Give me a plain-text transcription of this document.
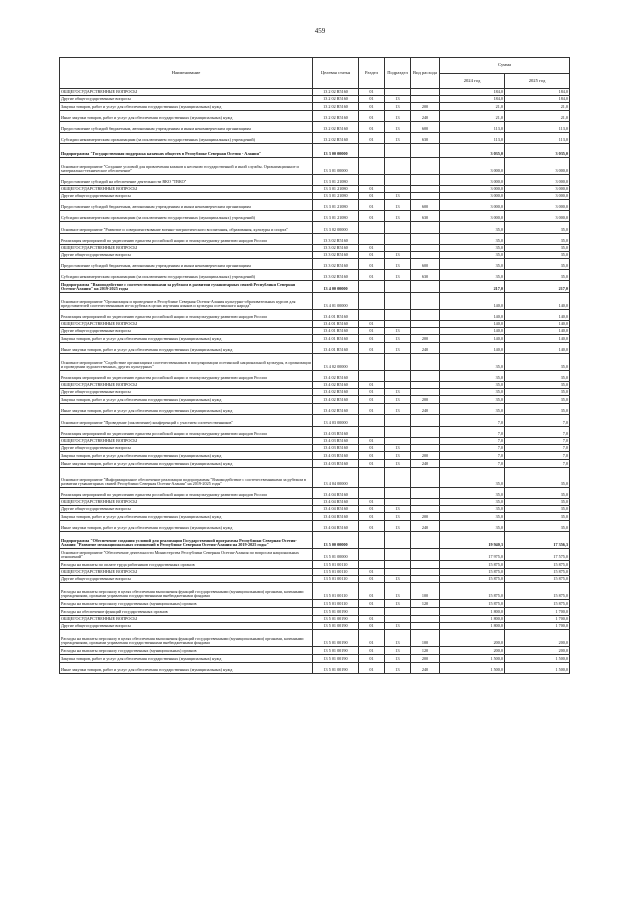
459
Наименование	Целевая статья	Раздел	Подраздел	Вид расхода	Сумма	
					2024 год	2025 год
ОБЩЕГОСУДАРСТВЕННЫЕ ВОПРОСЫ	13 2 02 R5160	01			184,0	184,0
Другие общегосударственные вопросы	13 2 02 R5160	01	13		184,0	184,0
Закупка товаров, работ и услуг для обеспечения государственных (муниципальных) нужд	13 2 02 R5160	01	13	200	21,0	21,0
Иные закупки товаров, работ и услуг для обеспечения государственных (муниципальных) нужд	13 2 02 R5160	01	13	240	21,0	21,0
Предоставление субсидий бюджетным, автономным учреждениям и иным некоммерческим организациям	13 2 02 R5160	01	13	600	113,0	113,0
Субсидии некоммерческим организациям (за исключением государственных (муниципальных) учреждений)	13 2 02 R5160	01	13	630	113,0	113,0
Подпрограмма "Государственная поддержка казачьих обществ в Республике Северная Осетия - Алания"	13 3 00 00000				3 035,0	3 035,0
Основное мероприятие "Создание условий для привлечения казаков к несению государственной и иной службы. Организационное и материально-техническое обеспечение"	13 3 01 00000				3 000,0	3 000,0
Предоставление субсидий на обеспечение деятельности ВКО "ТВКО"	13 3 01 21080				3 000,0	3 000,0
ОБЩЕГОСУДАРСТВЕННЫЕ ВОПРОСЫ	13 3 01 21080	01			3 000,0	3 000,0
Другие общегосударственные вопросы	13 3 01 21080	01	13		3 000,0	3 000,0
Предоставление субсидий бюджетным, автономным учреждениям и иным некоммерческим организациям	13 3 01 21080	01	13	600	3 000,0	3 000,0
Субсидии некоммерческим организациям (за исключением государственных (муниципальных) учреждений)	13 3 01 21080	01	13	630	3 000,0	3 000,0
Основное мероприятие "Развитие и совершенствование военно-патриотического воспитания, образования, культуры и спорта"	13 3 02 00000				35,0	35,0
Реализация мероприятий по укреплению единства российской нации и этнокультурному развитию народов России	13 3 02 R5160				35,0	35,0
ОБЩЕГОСУДАРСТВЕННЫЕ ВОПРОСЫ	13 3 02 R5160	01			35,0	35,0
Другие общегосударственные вопросы	13 3 02 R5160	01	13		35,0	35,0
Предоставление субсидий бюджетным, автономным учреждениям и иным некоммерческим организациям	13 3 02 R5160	01	13	600	35,0	35,0
Субсидии некоммерческим организациям (за исключением государственных (муниципальных) учреждений)	13 3 02 R5160	01	13	630	35,0	35,0
Подпрограмма "Взаимодействие с соотечественниками за рубежом в развитии гуманитарных связей Республики Северная Осетия-Алания" на 2019-2025 годы	13 4 00 00000				217,0	217,0
Основное мероприятие "Организация и проведение в Республике Северная Осетия-Алания культурно-образовательных курсов для представителей соотечественников из-за рубежа в целях изучения языков и культуры осетинского народа"	13 4 01 00000				140,0	140,0
Реализация мероприятий по укреплению единства российской нации и этнокультурному развитию народов России	13 4 01 R5160				140,0	140,0
ОБЩЕГОСУДАРСТВЕННЫЕ ВОПРОСЫ	13 4 01 R5160	01			140,0	140,0
Другие общегосударственные вопросы	13 4 01 R5160	01	13		140,0	140,0
Закупка товаров, работ и услуг для обеспечения государственных (муниципальных) нужд	13 4 01 R5160	01	13	200	140,0	140,0
Иные закупки товаров, работ и услуг для обеспечения государственных (муниципальных) нужд	13 4 01 R5160	01	13	240	140,0	140,0
Основное мероприятие "Содействие организациям соотечественников в популяризации осетинской национальной культуры, в организации и проведении художественных, других культурных"	13 4 02 00000				35,0	35,0
Реализация мероприятий по укреплению единства российской нации и этнокультурному развитию народов России	13 4 02 R5160				35,0	35,0
ОБЩЕГОСУДАРСТВЕННЫЕ ВОПРОСЫ	13 4 02 R5160	01			35,0	35,0
Другие общегосударственные вопросы	13 4 02 R5160	01	13		35,0	35,0
Закупка товаров, работ и услуг для обеспечения государственных (муниципальных) нужд	13 4 02 R5160	01	13	200	35,0	35,0
Иные закупки товаров, работ и услуг для обеспечения государственных (муниципальных) нужд	13 4 02 R5160	01	13	240	35,0	35,0
Основное мероприятие "Проведение (заключение) конференций с участием соотечественников"	13 4 03 00000				7,0	7,0
Реализация мероприятий по укреплению единства российской нации и этнокультурному развитию народов России	13 4 03 R5160				7,0	7,0
ОБЩЕГОСУДАРСТВЕННЫЕ ВОПРОСЫ	13 4 03 R5160	01			7,0	7,0
Другие общегосударственные вопросы	13 4 03 R5160	01	13		7,0	7,0
Закупка товаров, работ и услуг для обеспечения государственных (муниципальных) нужд	13 4 03 R5160	01	13	200	7,0	7,0
Иные закупки товаров, работ и услуг для обеспечения государственных (муниципальных) нужд	13 4 03 R5160	01	13	240	7,0	7,0
Основное мероприятие "Информационное обеспечение реализации подпрограммы "Взаимодействие с соотечественниками за рубежом в развитии гуманитарных связей Республики Северная Осетия-Алания" на 2019-2025 годы"	13 4 04 00000				35,0	35,0
Реализация мероприятий по укреплению единства российской нации и этнокультурному развитию народов России	13 4 04 R5160				35,0	35,0
ОБЩЕГОСУДАРСТВЕННЫЕ ВОПРОСЫ	13 4 04 R5160	01			35,0	35,0
Другие общегосударственные вопросы	13 4 04 R5160	01	13		35,0	35,0
Закупка товаров, работ и услуг для обеспечения государственных (муниципальных) нужд	13 4 04 R5160	01	13	200	35,0	35,0
Иные закупки товаров, работ и услуг для обеспечения государственных (муниципальных) нужд	13 4 04 R5160	01	13	240	35,0	35,0
Подпрограмма "Обеспечение создания условий для реализации Государственной программы Республики Северная Осетия-Алания "Развитие межнациональных отношений в Республике Северная Осетия-Алания на 2019-2025 годы"	13 5 00 00000				19 940,3	17 356,3
Основное мероприятие "Обеспечение деятельности Министерства Республики Северная Осетия-Алания по вопросам национальных отношений"	13 5 01 00000				17 975,0	17 575,0
Расходы на выплаты по оплате труда работников государственных органов	13 5 01 00110				15 875,0	15 875,0
ОБЩЕГОСУДАРСТВЕННЫЕ ВОПРОСЫ	13 5 01 00110	01			15 875,0	15 875,0
Другие общегосударственные вопросы	13 5 01 00110	01	13		15 875,0	15 875,0
Расходы на выплаты персоналу в целях обеспечения выполнения функций государственными (муниципальными) органами, казенными учреждениями, органами управления государственными внебюджетными фондами	13 5 01 00110	01	13	100	15 875,0	15 875,0
Расходы на выплаты персоналу государственных (муниципальных) органов	13 5 01 00110	01	13	120	15 875,0	15 875,0
Расходы на обеспечение функций государственных органов	13 5 01 00190				1 800,0	1 700,0
ОБЩЕГОСУДАРСТВЕННЫЕ ВОПРОСЫ	13 5 01 00190	01			1 800,0	1 700,0
Другие общегосударственные вопросы	13 5 01 00190	01	13		1 800,0	1 700,0
Расходы на выплаты персоналу в целях обеспечения выполнения функций государственными (муниципальными) органами, казенными учреждениями, органами управления государственными внебюджетными фондами	13 5 01 00190	01	13	100	200,0	200,0
Расходы на выплаты персоналу государственных (муниципальных) органов	13 5 01 00190	01	13	120	200,0	200,0
Закупка товаров, работ и услуг для обеспечения государственных (муниципальных) нужд	13 5 01 00190	01	13	200	1 500,0	1 500,0
Иные закупки товаров, работ и услуг для обеспечения государственных (муниципальных) нужд	13 5 01 00190	01	13	240	1 500,0	1 500,0
